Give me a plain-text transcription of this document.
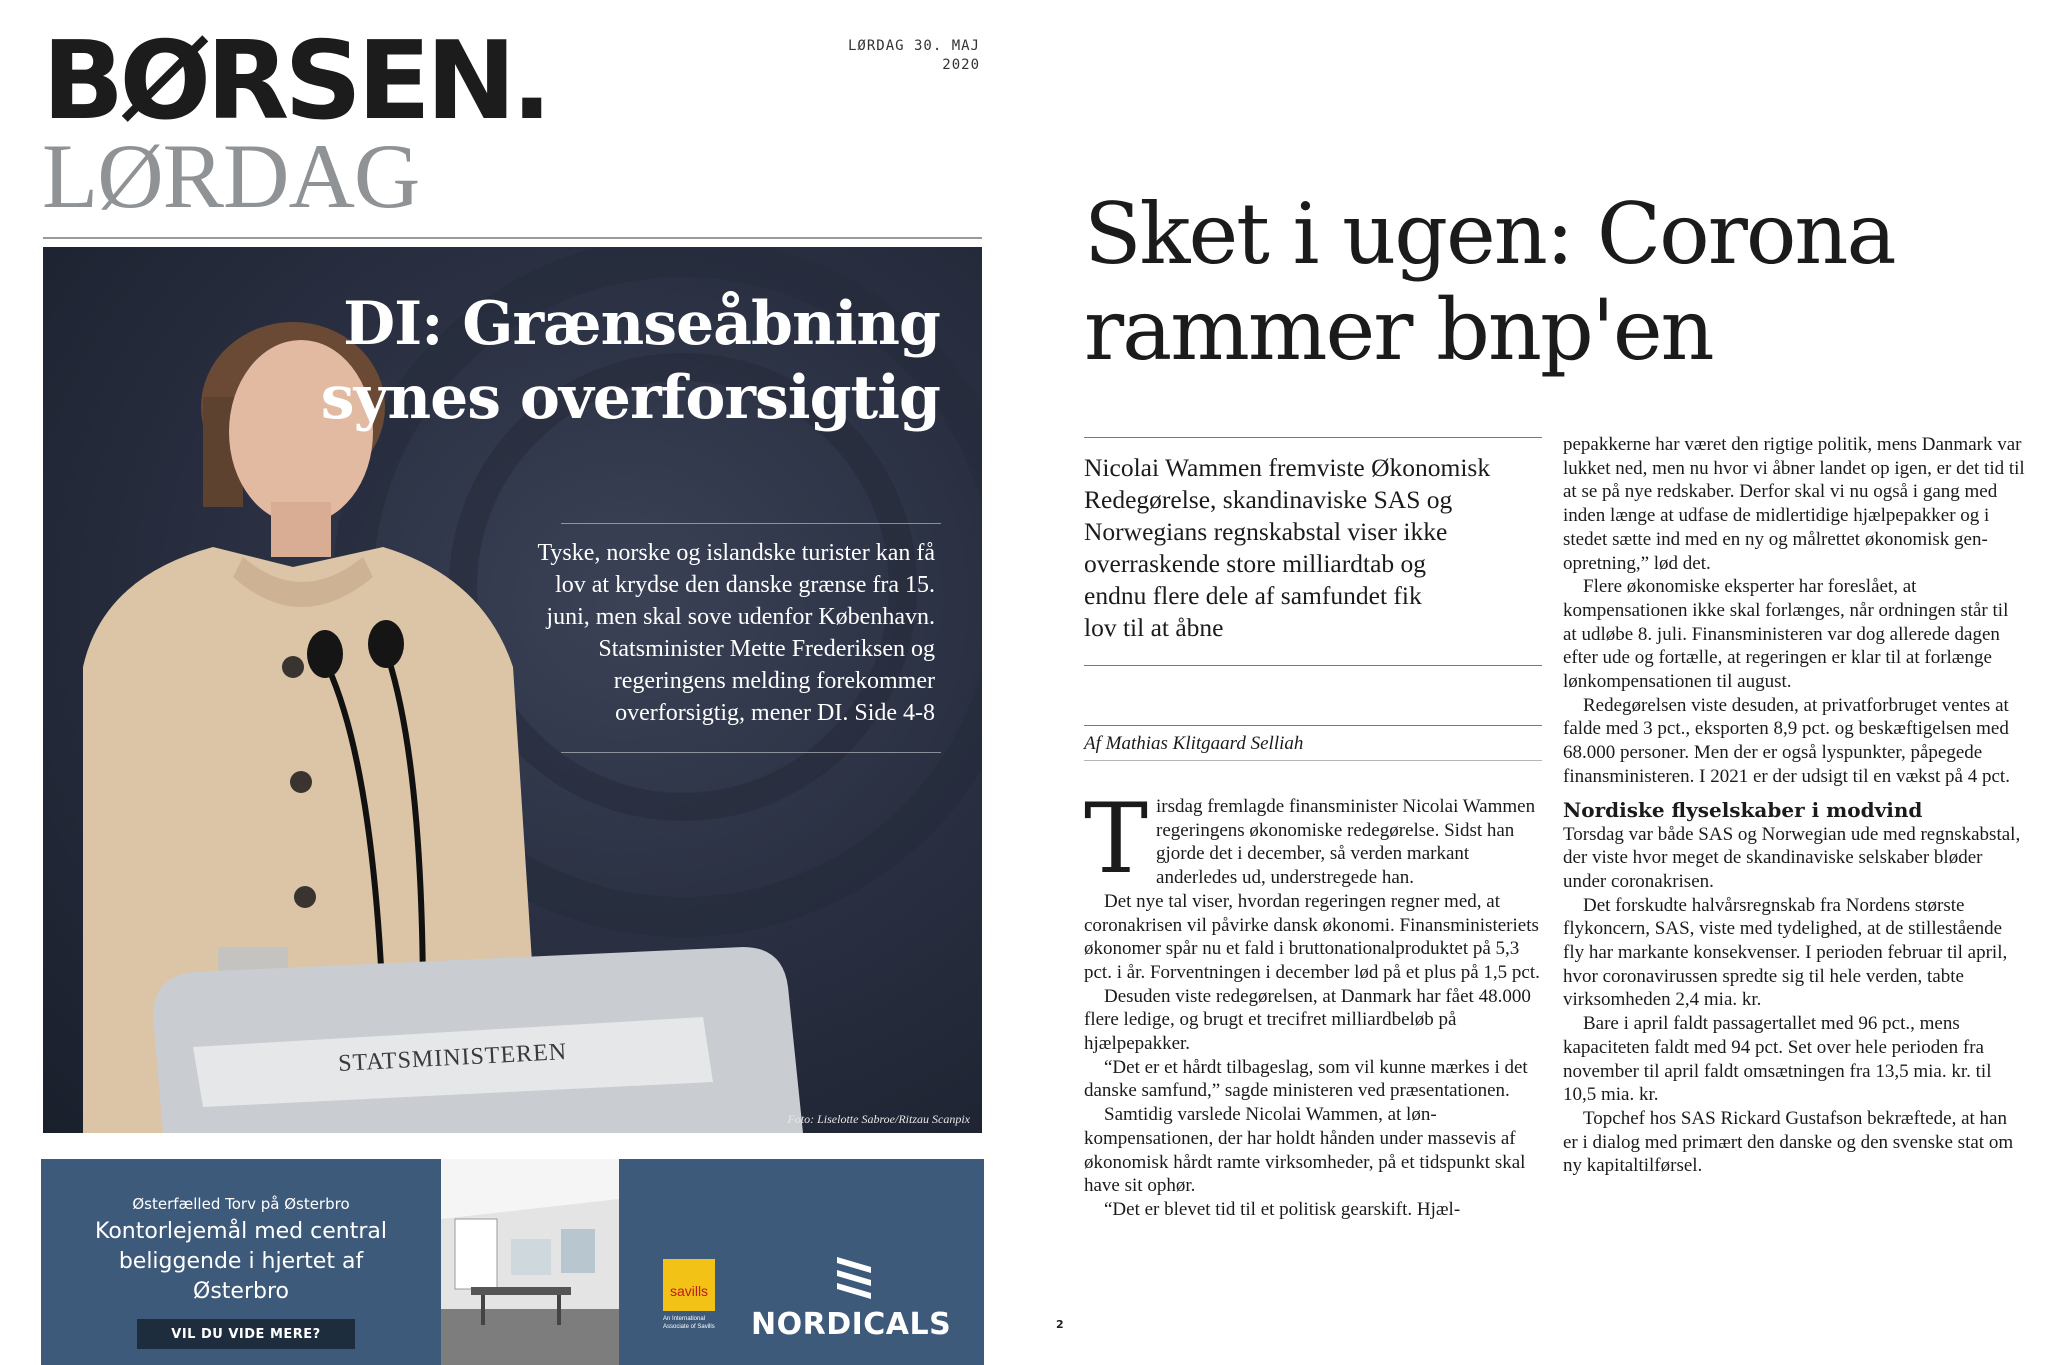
BØRSEN.
LØRDAG
LØRDAG 30. MAJ
2020
STATSMINISTEREN
DI: Grænseåbning
synes overforsigtig
Tyske, norske og islandske turister kan få
lov at krydse den danske grænse fra 15.
juni, men skal sove udenfor København.
Statsminister Mette Frederiksen og
regeringens melding forekommer
overforsigtig, mener DI. Side 4-8
Foto: Liselotte Sabroe/Ritzau Scanpix
Østerfælled Torv på Østerbro
Kontorlejemål med central
beliggende i hjertet af
Østerbro
VIL DU VIDE MERE?
savills
An International
Associate of Savills	NORDICALS
Sket i ugen: Corona
rammer bnp'en
Nicolai Wammen fremviste Økonomisk
Redegørelse, skandinaviske SAS og
Norwegians regnskabstal viser ikke
overraskende store milliardtab og
endnu flere dele af samfundet fik
lov til at åbne
Af Mathias Klitgaard Selliah

Tirsdag fremlagde finansminister Nicolai Wammen regeringens økonomiske redegørelse. Sidst han gjorde det i december, så verden markant anderledes ud, understregede han.

Det nye tal viser, hvordan regeringen regner med, at coronakrisen vil påvirke dansk økonomi. Finansministeriets økonomer spår nu et fald i bruttonationalproduktet på 5,3 pct. i år. Forventningen i december lød på et plus på 1,5 pct.

Desuden viste redegørelsen, at Danmark har fået 48.000 flere ledige, og brugt et trecifret milliardbeløb på hjælpepakker.

“Det er et hårdt tilbageslag, som vil kunne mærkes i det danske samfund,” sagde ministeren ved præsentationen.

Samtidig varslede Nicolai Wammen, at lønkompensationen, der har holdt hånden under massevis af økonomisk hårdt ramte virksomheder, på et tidspunkt skal have sit ophør.

“Det er blevet tid til et politisk gearskift. Hjæl-

pepakkerne har været den rigtige politik, mens Danmark var lukket ned, men nu hvor vi åbner landet op igen, er det tid til at se på nye redskaber. Derfor skal vi nu også i gang med inden længe at udfase de midlertidige hjælpepakker og i stedet sætte ind med en ny og målrettet økonomisk genopretning,” lød det.

Flere økonomiske eksperter har foreslået, at kompensationen ikke skal forlænges, når ordningen står til at udløbe 8. juli. Finansministeren var dog allerede dagen efter ude og fortælle, at regeringen er klar til at forlænge lønkompensationen til august.

Redegørelsen viste desuden, at privatforbruget ventes at falde med 3 pct., eksporten 8,9 pct. og beskæftigelsen med 68.000 personer. Men der er også lyspunkter, påpegede finansministeren. I 2021 er der udsigt til en vækst på 4 pct.

Nordiske flyselskaber i modvind

Torsdag var både SAS og Norwegian ude med regnskabstal, der viste hvor meget de skandinaviske selskaber bløder under coronakrisen.

Det forskudte halvårsregnskab fra Nordens største flykoncern, SAS, viste med tydelighed, at de stillestående fly har markante konsekvenser. I perioden februar til april, hvor coronavirussen spredte sig til hele verden, tabte virksomheden 2,4 mia. kr.

Bare i april faldt passagertallet med 96 pct., mens kapaciteten faldt med 94 pct. Set over hele perioden fra november til april faldt omsætningen fra 13,5 mia. kr. til 10,5 mia. kr.

Topchef hos SAS Rickard Gustafson bekræftede, at han er i dialog med primært den danske og den svenske stat om ny kapitaltilførsel.

2
